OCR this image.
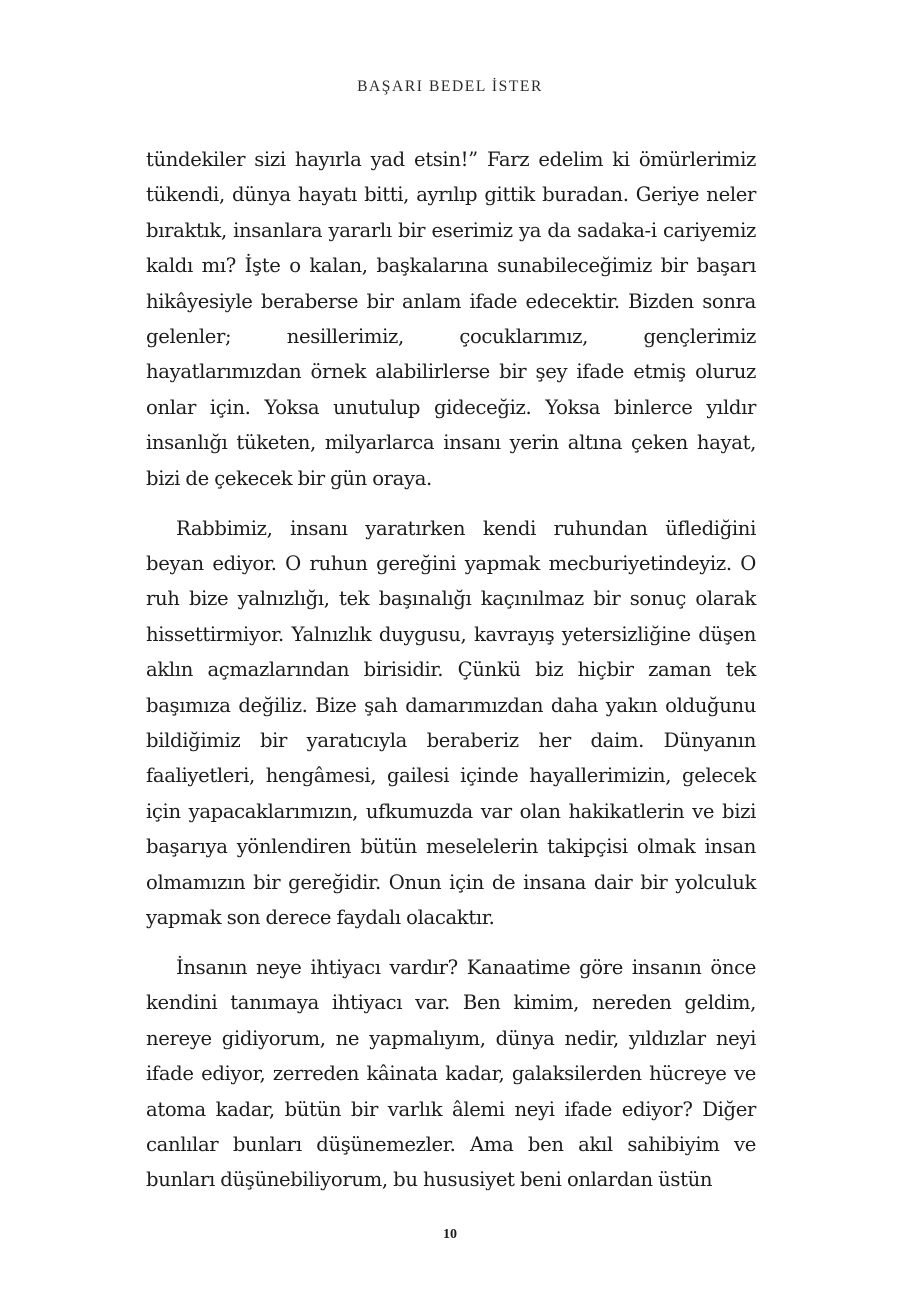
BAŞARI BEDEL İSTER

tündekiler sizi hayırla yad etsin!” Farz edelim ki ömürlerimiz tükendi, dünya hayatı bitti, ayrılıp gittik buradan. Geriye neler bıraktık, insanlara yararlı bir eserimiz ya da sadaka-i cariyemiz kaldı mı? İşte o kalan, başkalarına sunabileceğimiz bir başarı hikâyesiyle beraberse bir anlam ifade edecektir. Bizden sonra gelenler; nesillerimiz, çocuklarımız, gençlerimiz hayatlarımızdan örnek alabilirlerse bir şey ifade etmiş oluruz onlar için. Yoksa unutulup gideceğiz. Yoksa binlerce yıldır insanlığı tüketen, milyarlarca insanı yerin altına çeken hayat, bizi de çekecek bir gün oraya.

Rabbimiz, insanı yaratırken kendi ruhundan üflediğini beyan ediyor. O ruhun gereğini yapmak mecburiyetindeyiz. O ruh bize yalnızlığı, tek başınalığı kaçınılmaz bir sonuç olarak hissettirmiyor. Yalnızlık duygusu, kavrayış yetersizliğine düşen aklın açmazlarından birisidir. Çünkü biz hiçbir zaman tek başımıza değiliz. Bize şah damarımızdan daha yakın olduğunu bildiğimiz bir yaratıcıyla beraberiz her daim. Dünyanın faaliyetleri, hengâmesi, gailesi içinde hayallerimizin, gelecek için yapacaklarımızın, ufkumuzda var olan hakikatlerin ve bizi başarıya yönlendiren bütün meselelerin takipçisi olmak insan olmamızın bir gereğidir. Onun için de insana dair bir yolculuk yapmak son derece faydalı olacaktır.

İnsanın neye ihtiyacı vardır? Kanaatime göre insanın önce kendini tanımaya ihtiyacı var. Ben kimim, nereden geldim, nereye gidiyorum, ne yapmalıyım, dünya nedir, yıldızlar neyi ifade ediyor, zerreden kâinata kadar, galaksilerden hücreye ve atoma kadar, bütün bir varlık âlemi neyi ifade ediyor? Diğer canlılar bunları düşünemezler. Ama ben akıl sahibiyim ve bunları düşünebiliyorum, bu hususiyet beni onlardan üstün

10
